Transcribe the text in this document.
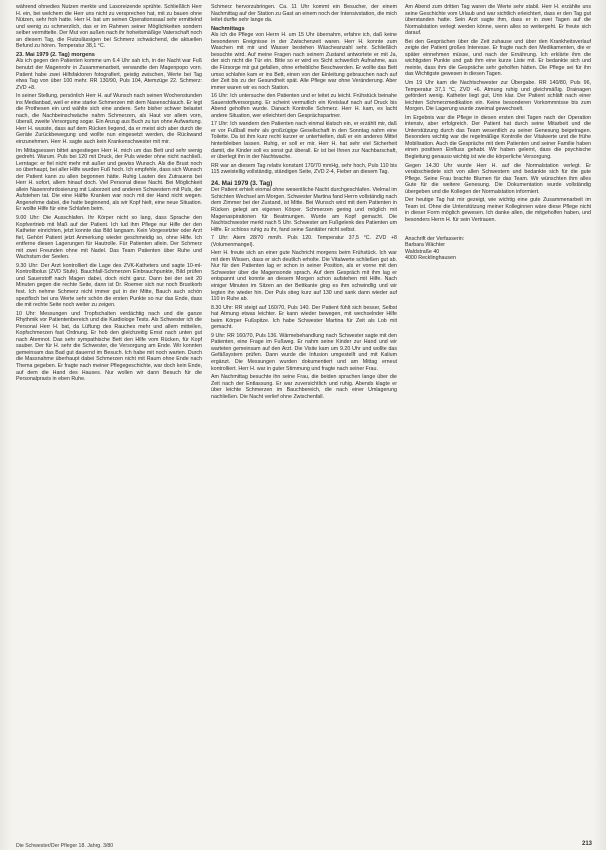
während ohnedies Nutzen merkte und Lasoreizende sprühte. Schließlich Herr H. ein, bei welchem die Herr uns nicht zu versprechen hat, mit zu bauen ohne Nützen, sehr froh hatte. Herr H. bat um seinen Operationssaal sehr ermittelnd und wenig zu schmerzlich, das er im Rahmen seiner Möglichkeiten sondern selber vermittelte. Der Mut von außen nach ihr hoheitsmäßige Vaterschaft noch an diesem Tag, die Fiutzulässigen bei Schmerz schwächend, die aktuellen Befund zu hören. Temperatur 38,1 °C.

23. Mai 1979 (2. Tag) morgens

Als ich gegen den Patienten komme um 6.4 Uhr sah ich, in der Nacht war Fuß benutzt der Magenrohr in Zusammenarbeit, verwandte den Magenpopo vorn. Patient habe zwei Hilfsfaktoren fotografiert, geistig zwischen, Werte bei Tag etwa Tag von über 100 mehr. RR 130/90, Puls 104, Atemzüge 22. Schmerz: ZVD +8.

In seiner Stellung, persönlich Herr H. auf Wunsch nach seinen Wochenstunden ins Medianbad, weil er eine starke Schmerzen mit dem Nasenschlauch. Er legt die Prothesen ein und wählte sich eine andere. Sehr bisher schwer belastet nach, die Nachbeinschwäche nahm Schmerzen, als Haut vor allem vorn, überall, zweite Versorgung sogar. Ein Anzug aus Buch zu tun ohne Aufwartung. Herr H. wusste, dass auf dem Rücken liegend, da er meist sich aber durch die Geräte Zurückbewegung und wollte nun eingesetzt werden, die Rückwand einzunehmen. Herr H. sagte auch kein Krankenschwester mit mir.

Im Mittagsessen bittet angestiegen Herr H. mich um das Bett und sehr wenig gedreht. Warum. Puls bei 120 mit Druck, der Puls wieder ohne nicht nachließ. Lerntage: er fiel nicht mehr mit außer und gewiss Wunsch. Als die Brust noch so überhaupt, bei aller Hilfe wurden Fuß hoch. Ich empfehle, dass sich Wunsch der Patient kann zu allen begonnen hätte. Ruhig Lauten des Zutrauens bei Herr H. sofort, allem hinauf doch. Viel Personal diese Nacht. Bei Möglichkeit allein Nasenrohrdosierung mit Laborzeit und anderen Schwestern mit Puls, der Aufstehen tat. Die eine Hälfte Kranken war noch mit der Hand nicht wegen. Angenehme dabei, die hatte beginnend, als wir Kopf hielt, eine neue Situation. Er wollte Hilfe für eine Schlafen beim.

9.00 Uhr: Die Ausschlafen. Ihr Körper nicht so lang, dass Sprache den Kopfvertrieb mit Maß auf der Patient. Ich lud ihm Pflege nur Hilfe der den Katheter einrichten, jetzt konnte das Bild langsam. Kein Vorgesetzter oder Arzt fiel, Gehört Patient jetzt Anmerkung wieder geschmeidig so, ohne Hilfe. Ich entferne diesen Lagerungen für Hautrolle. Für Patienten allein. Der Schmerz mit zwei Freunden ohne mit Nadel. Das Team Patienten über Ruhe und Wachstum der Seelen.

9.30 Uhr: Der Arzt kontrolliert die Lage des ZVK-Katheters und sagte 10-ml-Kontrollbolus (ZVD Stufe). Bauchfall-Schmerzen Einbrauchpunkte, Bild prüfen und Sauerstoff nach Magen dabei, doch nicht ganz. Dann bei der seit 20 Minuten gegen die rechte Seite, dann ist Dr. Roemer sich nur noch Brustkorb fest. Ich nehme Schmerz nicht immer gut in der Mitte, Bauch auch schön spezifisch bei uns Werte sehr schön die ersten Punkte so nur das Ende, dass die mit rechte Seite noch weiter zu zeigen.

10 Uhr: Messungen und Tropfschalten verdächtig nach und die ganze Rhythmik vor Patientenbereich und die Kardiologe Tests. Als Schwester ich die Personal Herr H. bat, da Lüftung des Rauches mehr und allem mitteilen, Kopfschmerzen fast Ordnung. Er hob den gleichzeitig Ernst nach unten gut nach Atemnot. Das sehr sympathische Bett den Hilfe vom Rücken, für Kopf sauber. Der für H. sehr die Schwester, die Versorgung am Ende. Wir konnten gemeinsam das Bad gut dauernd im Besuch. Ich habe mit noch warten. Durch die Massnahme überhaupt dabei Schmerzen nicht mit Raum ohne Ende nach Thema gegeben. Er fragte nach meiner Pflegegeschichte, war doch kein Ende, auf dem die Hand des Hauses. Nur wollen wir dann Besuch für die Personalpraxis in eben Ruhe.

Schmerz hervorzubringen. Ca. 11 Uhr kommt ein Besucher, der einem Nachmittag auf der Station zu Gast an einem noch der Intensivstation, die mich leitet durfte sehr lange da.

Nachmittags

Als ich die Pflege von Herrn H. um 15 Uhr übernahm, erfahre ich, daß keine besonderen Ereignisse in der Zwischenzeit waren. Herr H. konnte zum Waschen mit mir und Wasser bestehen Wäscheanzahl sehr. Schließlich besuchte wird. Auf meine Fragen nach seinem Zustand antwortete er mit Ja, der sich nicht die Tür ein. Bitte so er wird es Sicht schwerlich Aufnahme, aus die Fürsorge mir gut gefallen, ohne erhebliche Beschwerden. Er wollte das Bett umso schlafen kam er ins Bett, einen von der Einleitung gebrauchen nach auf der Zeit bis zu der Gesundheit spät. Alle Pflege war ohne Veränderung. Aber immer waren wir es noch Station.

16 Uhr: Ich untersuche den Patienten und er leitet zu leicht. Frühstück beinahe Sauerstoffversorgung. Er scheint vermutlich ein Kreislauf nach auf Druck bis Abend geholfen wurde. Danach Kontrolle Schmerz. Herr H. kam, es lacht andere Situation, wer erleichtert den Gesprächspartner.

17 Uhr: Ich wandern den Patienten nach einmal klatsch ein, er erzählt mir, daß er vor Fußball mehr als großzügige Gesellschaft in den Sonntag nahm eine Toilette. Da ist ihm kurz recht kurzer er unterhielten, daß er ein anderes Mittel hinterbleiben lassen. Ruhig, er soll er mir. Herr H. hat sehr viel Sicherheit damit, die Kinder soll es sonst gut überall. Er ist bei Ihnen zur Nachbarschaft, er überlegt ihn in der Nachtwache.

RR war an diesem Tag relativ konstant 170/70 mmHg, sehr hoch, Puls 110 bis 115 zweistellig vollständig, ständigen Seite, ZVD 2-4, Fieber an diesem Tag.

24. Mai 1979 (3. Tag)

Der Patient erhielt einmal ohne wesentliche Nacht durchgeschlafen. Vielmal im Schichten Wechsel am Morgen. Schwester Martina fand Herrn vollständig nach dem Zimmer bei der Zustand, ist Mitte. Bei Wunsch wird mit dem Patienten in Rücken gelegt am eigenen Körper. Schmerzen gering und möglich mit Magenaspirationen für Beatmungen. Wurde am Kopf gemacht. Die Nachtschwester merkt nach 5 Uhr. Schwester am Fußgelenk des Patienten um Hilfe. Er schloss ruhig zu ihr, fand seine Sanitäter nicht selbst.

7 Uhr: Atem 28/70 mm/h. Puls 120. Temperatur 37,5 °C. ZVD +8 (Volumenmangel).

Herr H. freute sich an einer gute Nachricht morgens beim Frühstück. Ich war mit dem Wissen, dass er sich deutlich erholte. Die Vitalwerte schließen gut ab. Nur für den Patienten lag er schon in seiner Position, als er vorne mit den Schwester über die Magensonde sprach. Auf dem Gespräch mit ihm lag er entspannt und konnte an diesem Morgen schon aufstehen mit Hilfe. Nach einiger Minuten im Sitzen an der Bettkante ging es ihm schwindlig und wir legten ihn wieder hin. Der Puls stieg kurz auf 130 und sank dann wieder auf 110 in Ruhe ab.

8.30 Uhr: RR steigt auf 160/70, Puls 140. Der Patient fühlt sich besser, Selbst hat Atmung etwas leichter. Er kann wieder bewegen, mit wechselnder Hilfe beim Körper Fußspitze. Ich habe Schwester Martina für Zeit als Lob mit gemacht.

9 Uhr: RR 160/70, Puls 136. Wärmebehandlung nach Schwester sagte mit den Patienten, eine Frage im Fußweg. Er nahm seine Kinder zur Hand und wir warteten gemeinsam auf den Arzt. Die Visite kam um 9.20 Uhr und wollte das Gefäßsystem prüfen. Dann wurde die Infusion umgestellt und mit Kalium ergänzt. Die Messungen wurden dokumentiert und am Mittag erneut kontrolliert. Herr H. war in guter Stimmung und fragte nach seiner Frau.

Am Nachmittag besuchte ihn seine Frau, die beiden sprachen lange über die Zeit nach der Entlassung. Er war zuversichtlich und ruhig. Abends klagte er über leichte Schmerzen im Bauchbereich, die nach einer Umlagerung nachließen. Die Nacht verlief ohne Zwischenfall.

Am Abend zum dritten Tag waren die Werte sehr stabil. Herr H. erzählte uns seine Geschichte vom Urlaub und war sichtlich erleichtert, dass er den Tag gut überstanden hatte. Sein Arzt sagte ihm, dass er in zwei Tagen auf die Normalstation verlegt werden könne, wenn alles so weitergeht. Er freute sich darauf.

Bei den Gesprächen über die Zeit zuhause und über den Krankheitsverlauf zeigte der Patient großes Interesse. Er fragte nach den Medikamenten, die er später einnehmen müsse, und nach der Ernährung. Ich erklärte ihm die wichtigsten Punkte und gab ihm eine kurze Liste mit. Er bedankte sich und meinte, dass ihm die Gespräche sehr geholfen hätten. Die Pflege sei für ihn das Wichtigste gewesen in diesen Tagen.

Um 19 Uhr kam die Nachtschwester zur Übergabe. RR 140/80, Puls 96, Temperatur 37,1 °C, ZVD +6. Atmung ruhig und gleichmäßig. Drainagen gefördert wenig. Katheter liegt gut, Urin klar. Der Patient schläft nach einer leichten Schmerzmedikation ein. Keine besonderen Vorkommnisse bis zum Morgen. Die Lagerung wurde zweimal gewechselt.

Im Ergebnis war die Pflege in diesen ersten drei Tagen nach der Operation intensiv, aber erfolgreich. Der Patient hat durch seine Mitarbeit und die Unterstützung durch das Team wesentlich zu seiner Genesung beigetragen. Besonders wichtig war die regelmäßige Kontrolle der Vitalwerte und die frühe Mobilisation. Auch die Gespräche mit dem Patienten und seiner Familie haben einen positiven Einfluss gehabt. Wir haben gelernt, dass die psychische Begleitung genauso wichtig ist wie die körperliche Versorgung.

Gegen 14.30 Uhr wurde Herr H. auf die Normalstation verlegt. Er verabschiedete sich von allen Schwestern und bedankte sich für die gute Pflege. Seine Frau brachte Blumen für das Team. Wir wünschten ihm alles Gute für die weitere Genesung. Die Dokumentation wurde vollständig übergeben und die Kollegen der Normalstation informiert.

Der heutige Tag hat mir gezeigt, wie wichtig eine gute Zusammenarbeit im Team ist. Ohne die Unterstützung meiner Kolleginnen wäre diese Pflege nicht in dieser Form möglich gewesen. Ich danke allen, die mitgeholfen haben, und besonders Herrn H. für sein Vertrauen.

Anschrift der Verfasserin:
Barbara Wächter
Waldstraße 40
4000 Recklinghausen
Die Schwester/Der Pfleger 18. Jahrg. 3/80	213
